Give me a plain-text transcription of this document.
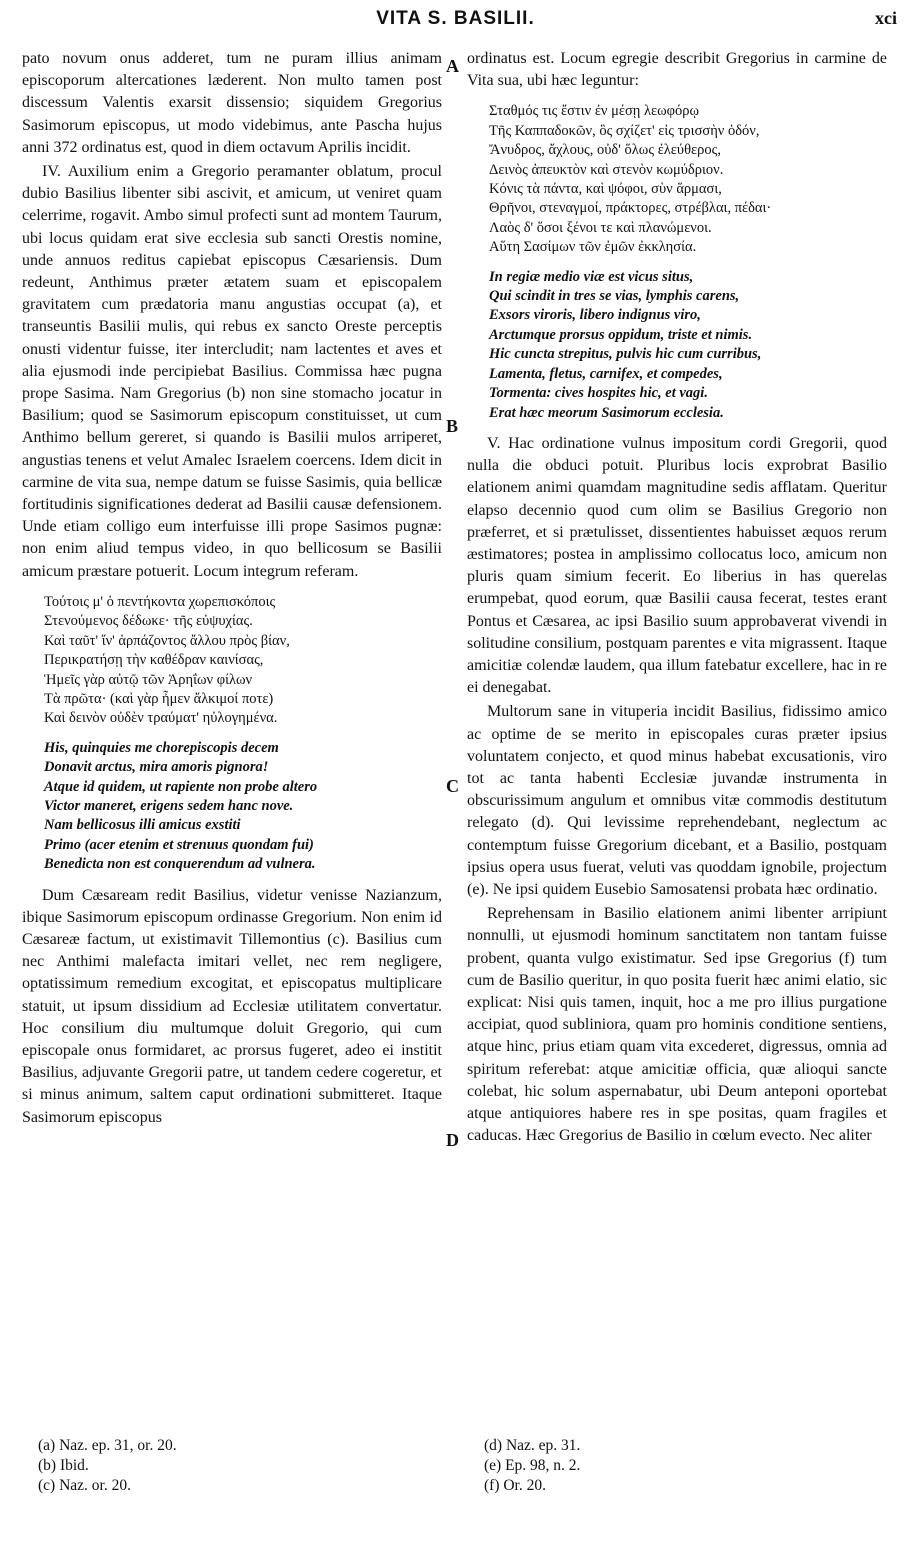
VITA S. BASILII.	xci

pato novum onus adderet, tum ne puram illius animam episcoporum altercationes læderent. Non multo tamen post discessum Valentis exarsit dissensio; siquidem Gregorius Sasimorum episcopus, ut modo videbimus, ante Pascha hujus anni 372 ordinatus est, quod in diem octavum Aprilis incidit.

IV. Auxilium enim a Gregorio peramanter oblatum, procul dubio Basilius libenter sibi ascivit, et amicum, ut veniret quam celerrime, rogavit. Ambo simul profecti sunt ad montem Taurum, ubi locus quidam erat sive ecclesia sub sancti Orestis nomine, unde annuos reditus capiebat episcopus Cæsariensis. Dum redeunt, Anthimus præter ætatem suam et episcopalem gravitatem cum prædatoria manu angustias occupat (a), et transeuntis Basilii mulis, qui rebus ex sancto Oreste perceptis onusti videntur fuisse, iter intercludit; nam lactentes et aves et alia ejusmodi inde percipiebat Basilius. Commissa hæc pugna prope Sasima. Nam Gregorius (b) non sine stomacho jocatur in Basilium; quod se Sasimorum episcopum constituisset, ut cum Anthimo bellum gereret, si quando is Basilii mulos arriperet, angustias tenens et velut Amalec Israelem coercens. Idem dicit in carmine de vita sua, nempe datum se fuisse Sasimis, quia bellicæ fortitudinis significationes dederat ad Basilii causæ defensionem. Unde etiam colligo eum interfuisse illi prope Sasimos pugnæ: non enim aliud tempus video, in quo bellicosum se Basilii amicum præstare potuerit. Locum integrum referam.

Τούτοις μ' ὁ πεντήκοντα χωρεπισκόποις
Στενούμενος δέδωκε· τῆς εὐψυχίας.
Καὶ ταῦτ' ἵν' ἁρπάζοντος ἄλλου πρὸς βίαν,
Περικρατήσῃ τὴν καθέδραν καινίσας,
Ἡμεῖς γὰρ αὐτῷ τῶν Ἀρηΐων φίλων
Τὰ πρῶτα· (καὶ γὰρ ἦμεν ἄλκιμοί ποτε)
Καὶ δεινὸν οὐδὲν τραύματ' ηὐλογημένα.
His, quinquies me chorepiscopis decem
Donavit arctus, mira amoris pignora!
Atque id quidem, ut rapiente non probe altero
Victor maneret, erigens sedem hanc nove.
Nam bellicosus illi amicus exstiti
Primo (acer etenim et strenuus quondam fui)
Benedicta non est conquerendum ad vulnera.

Dum Cæsaream redit Basilius, videtur venisse Nazianzum, ibique Sasimorum episcopum ordinasse Gregorium. Non enim id Cæsareæ factum, ut existimavit Tillemontius (c). Basilius cum nec Anthimi malefacta imitari vellet, nec rem negligere, optatissimum remedium excogitat, et episcopatus multiplicare statuit, ut ipsum dissidium ad Ecclesiæ utilitatem convertatur. Hoc consilium diu multumque doluit Gregorio, qui cum episcopale onus formidaret, ac prorsus fugeret, adeo ei institit Basilius, adjuvante Gregorii patre, ut tandem cedere cogeretur, et si minus animum, saltem caput ordinationi submitteret. Itaque Sasimorum episcopus

A
B
C
D

ordinatus est. Locum egregie describit Gregorius in carmine de Vita sua, ubi hæc leguntur:

Σταθμός τις ἔστιν ἐν μέσῃ λεωφόρῳ
Τῆς Καππαδοκῶν, ὃς σχίζετ' εἰς τρισσὴν ὁδόν,
Ἄνυδρος, ἄχλους, οὐδ' ὅλως ἐλεύθερος,
Δεινὸς ἀπευκτὸν καὶ στενὸν κωμύδριον.
Κόνις τὰ πάντα, καὶ ψόφοι, σὺν ἅρμασι,
Θρῆνοι, στεναγμοί, πράκτορες, στρέβλαι, πέδαι·
Λαὸς δ' ὅσοι ξένοι τε καὶ πλανώμενοι.
Αὕτη Σασίμων τῶν ἐμῶν ἐκκλησία.
In regiæ medio viæ est vicus situs,
Qui scindit in tres se vias, lymphis carens,
Exsors viroris, libero indignus viro,
Arctumque prorsus oppidum, triste et nimis.
Hic cuncta strepitus, pulvis hic cum curribus,
Lamenta, fletus, carnifex, et compedes,
Tormenta: cives hospites hic, et vagi.
Erat hæc meorum Sasimorum ecclesia.

V. Hac ordinatione vulnus impositum cordi Gregorii, quod nulla die obduci potuit. Pluribus locis exprobrat Basilio elationem animi quamdam magnitudine sedis afflatam. Queritur elapso decennio quod cum olim se Basilius Gregorio non præferret, et si prætulisset, dissentientes habuisset æquos rerum æstimatores; postea in amplissimo collocatus loco, amicum non pluris quam simium fecerit. Eo liberius in has querelas erumpebat, quod eorum, quæ Basilii causa fecerat, testes erant Pontus et Cæsarea, ac ipsi Basilio suum approbaverat vivendi in solitudine consilium, postquam parentes e vita migrassent. Itaque amicitiæ colendæ laudem, qua illum fatebatur excellere, hac in re ei denegabat.

Multorum sane in vituperia incidit Basilius, fidissimo amico ac optime de se merito in episcopales curas præter ipsius voluntatem conjecto, et quod minus habebat excusationis, viro tot ac tanta habenti Ecclesiæ juvandæ instrumenta in obscurissimum angulum et omnibus vitæ commodis destitutum relegato (d). Qui levissime reprehendebant, neglectum ac contemptum fuisse Gregorium dicebant, et a Basilio, postquam ipsius opera usus fuerat, veluti vas quoddam ignobile, projectum (e). Ne ipsi quidem Eusebio Samosatensi probata hæc ordinatio.

Reprehensam in Basilio elationem animi libenter arripiunt nonnulli, ut ejusmodi hominum sanctitatem non tantam fuisse probent, quanta vulgo existimatur. Sed ipse Gregorius (f) tum cum de Basilio queritur, in quo posita fuerit hæc animi elatio, sic explicat: Nisi quis tamen, inquit, hoc a me pro illius purgatione accipiat, quod subliniora, quam pro hominis conditione sentiens, atque hinc, prius etiam quam vita excederet, digressus, omnia ad spiritum referebat: atque amicitiæ officia, quæ alioqui sancte colebat, hic solum aspernabatur, ubi Deum anteponi oportebat atque antiquiores habere res in spe positas, quam fragiles et caducas. Hæc Gregorius de Basilio in cœlum evecto. Nec aliter

(a) Naz. ep. 31, or. 20.
(b) Ibid.
(c) Naz. or. 20.
(d) Naz. ep. 31.
(e) Ep. 98, n. 2.
(f) Or. 20.
